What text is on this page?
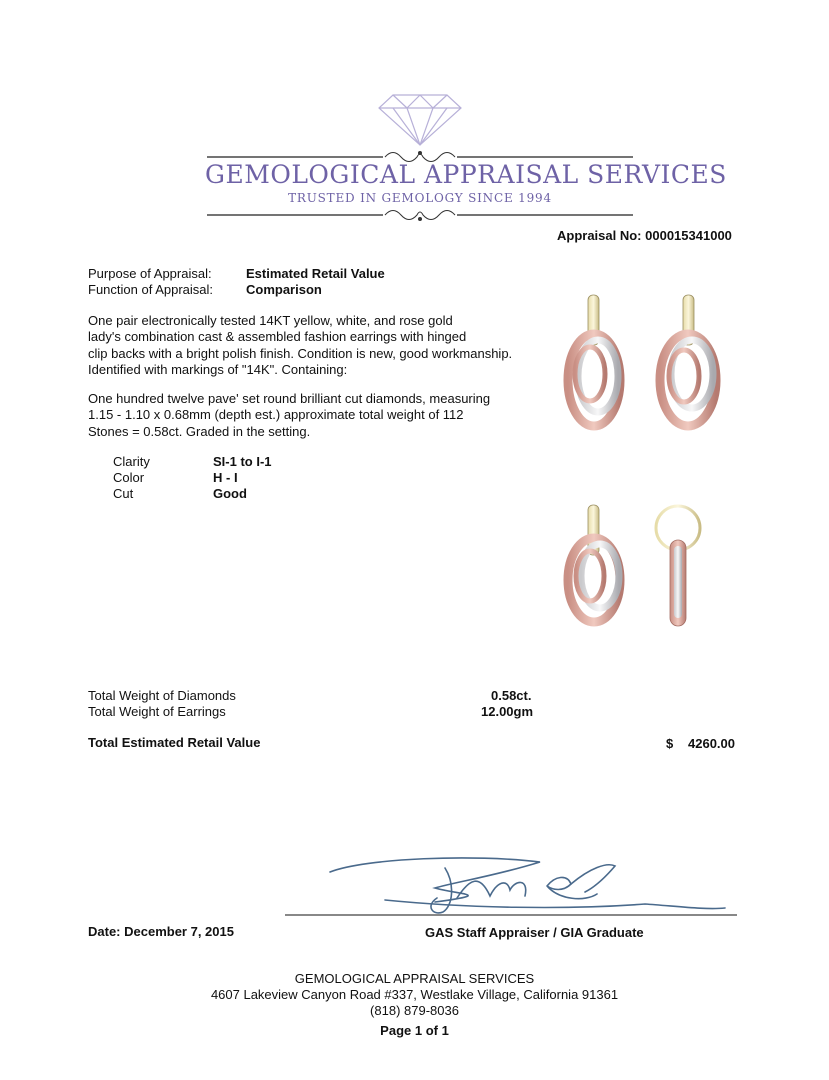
GEMOLOGICAL APPRAISAL SERVICES
TRUSTED IN GEMOLOGY SINCE 1994
Appraisal No: 000015341000
Purpose of Appraisal:	Estimated Retail Value
Function of Appraisal:	Comparison
One pair electronically tested 14KT yellow, white, and rose gold
lady's combination cast & assembled fashion earrings with hinged
clip backs with a bright polish finish. Condition is new, good workmanship.
Identified with markings of "14K". Containing:
One hundred twelve pave' set round brilliant cut diamonds, measuring
1.15 - 1.10 x 0.68mm (depth est.) approximate total weight of 112
Stones = 0.58ct. Graded in the setting.
Clarity	SI-1 to I-1
Color	H - I
Cut	Good
Total Weight of Diamonds	0.58ct.
Total Weight of Earrings	12.00gm
Total Estimated Retail Value	$ 4260.00
Date: December 7, 2015	GAS Staff Appraiser / GIA Graduate
GEMOLOGICAL APPRAISAL SERVICES
4607 Lakeview Canyon Road #337, Westlake Village, California 91361
(818) 879-8036
Page 1 of 1
